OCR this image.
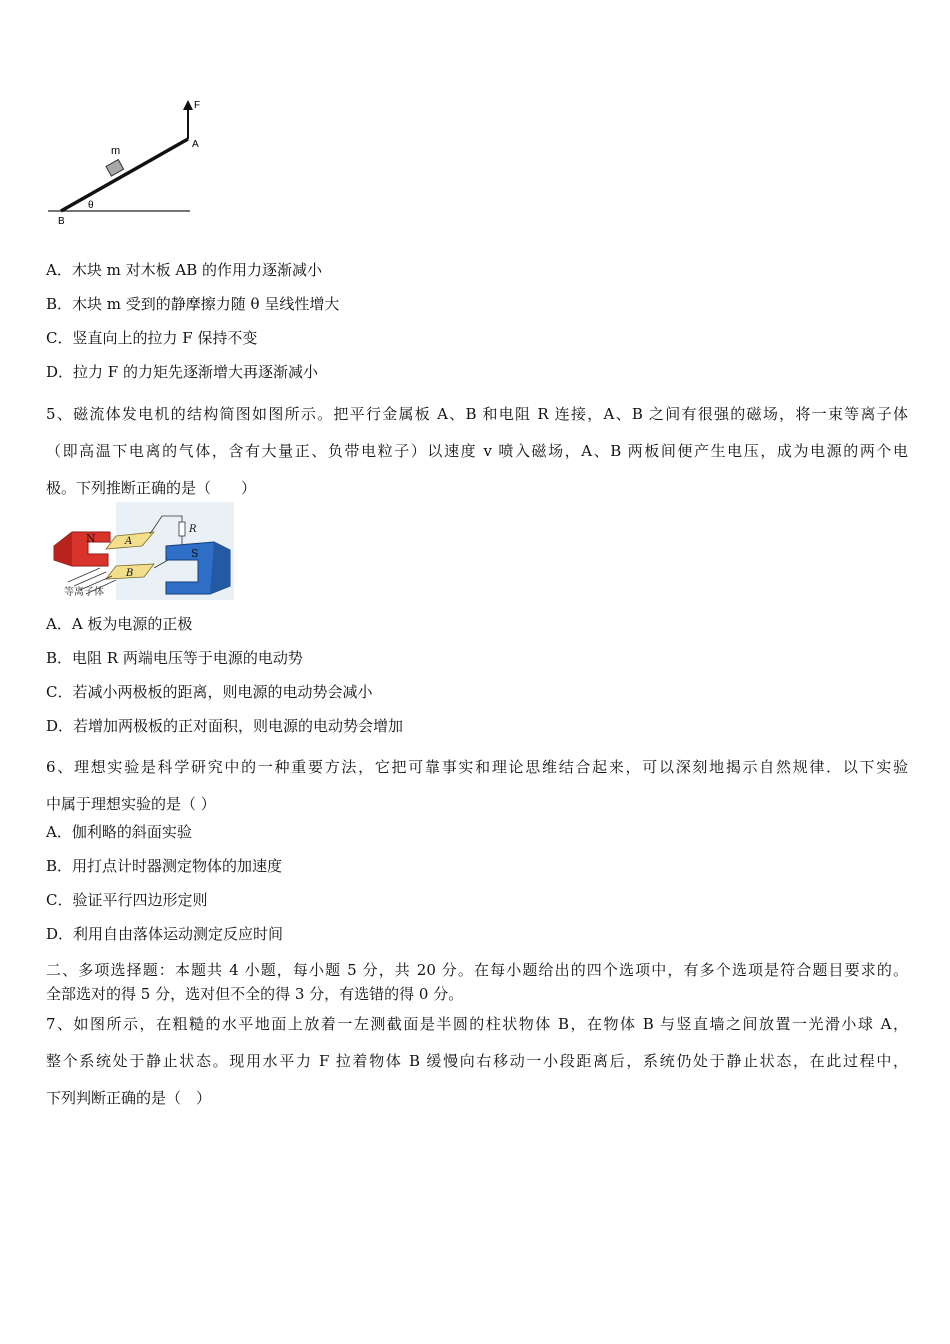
F
A
m
θ
B
A．木块 m 对木板 AB 的作用力逐渐减小
B．木块 m 受到的静摩擦力随 θ 呈线性增大
C．竖直向上的拉力 F 保持不变
D．拉力 F 的力矩先逐渐增大再逐渐减小
5、磁流体发电机的结构简图如图所示。把平行金属板 A、B 和电阻 R 连接，A、B 之间有很强的磁场，将一束等离子体
（即高温下电离的气体，含有大量正、负带电粒子）以速度 v 喷入磁场，A、B 两板间便产生电压，成为电源的两个电
极。下列推断正确的是（　　）
N	A
B
R
S
等离子体
A．A 板为电源的正极
B．电阻 R 两端电压等于电源的电动势
C．若减小两极板的距离，则电源的电动势会减小
D．若增加两极板的正对面积，则电源的电动势会增加
6、理想实验是科学研究中的一种重要方法，它把可靠事实和理论思维结合起来，可以深刻地揭示自然规律．以下实验
中属于理想实验的是（ ）
A．伽利略的斜面实验
B．用打点计时器测定物体的加速度
C．验证平行四边形定则
D．利用自由落体运动测定反应时间
二、多项选择题：本题共 4 小题，每小题 5 分，共 20 分。在每小题给出的四个选项中，有多个选项是符合题目要求的。
全部选对的得 5 分，选对但不全的得 3 分，有选错的得 0 分。
7、如图所示，在粗糙的水平地面上放着一左测截面是半圆的柱状物体 B，在物体 B 与竖直墙之间放置一光滑小球 A，
整个系统处于静止状态。现用水平力 F 拉着物体 B 缓慢向右移动一小段距离后，系统仍处于静止状态，在此过程中，
下列判断正确的是（　）
